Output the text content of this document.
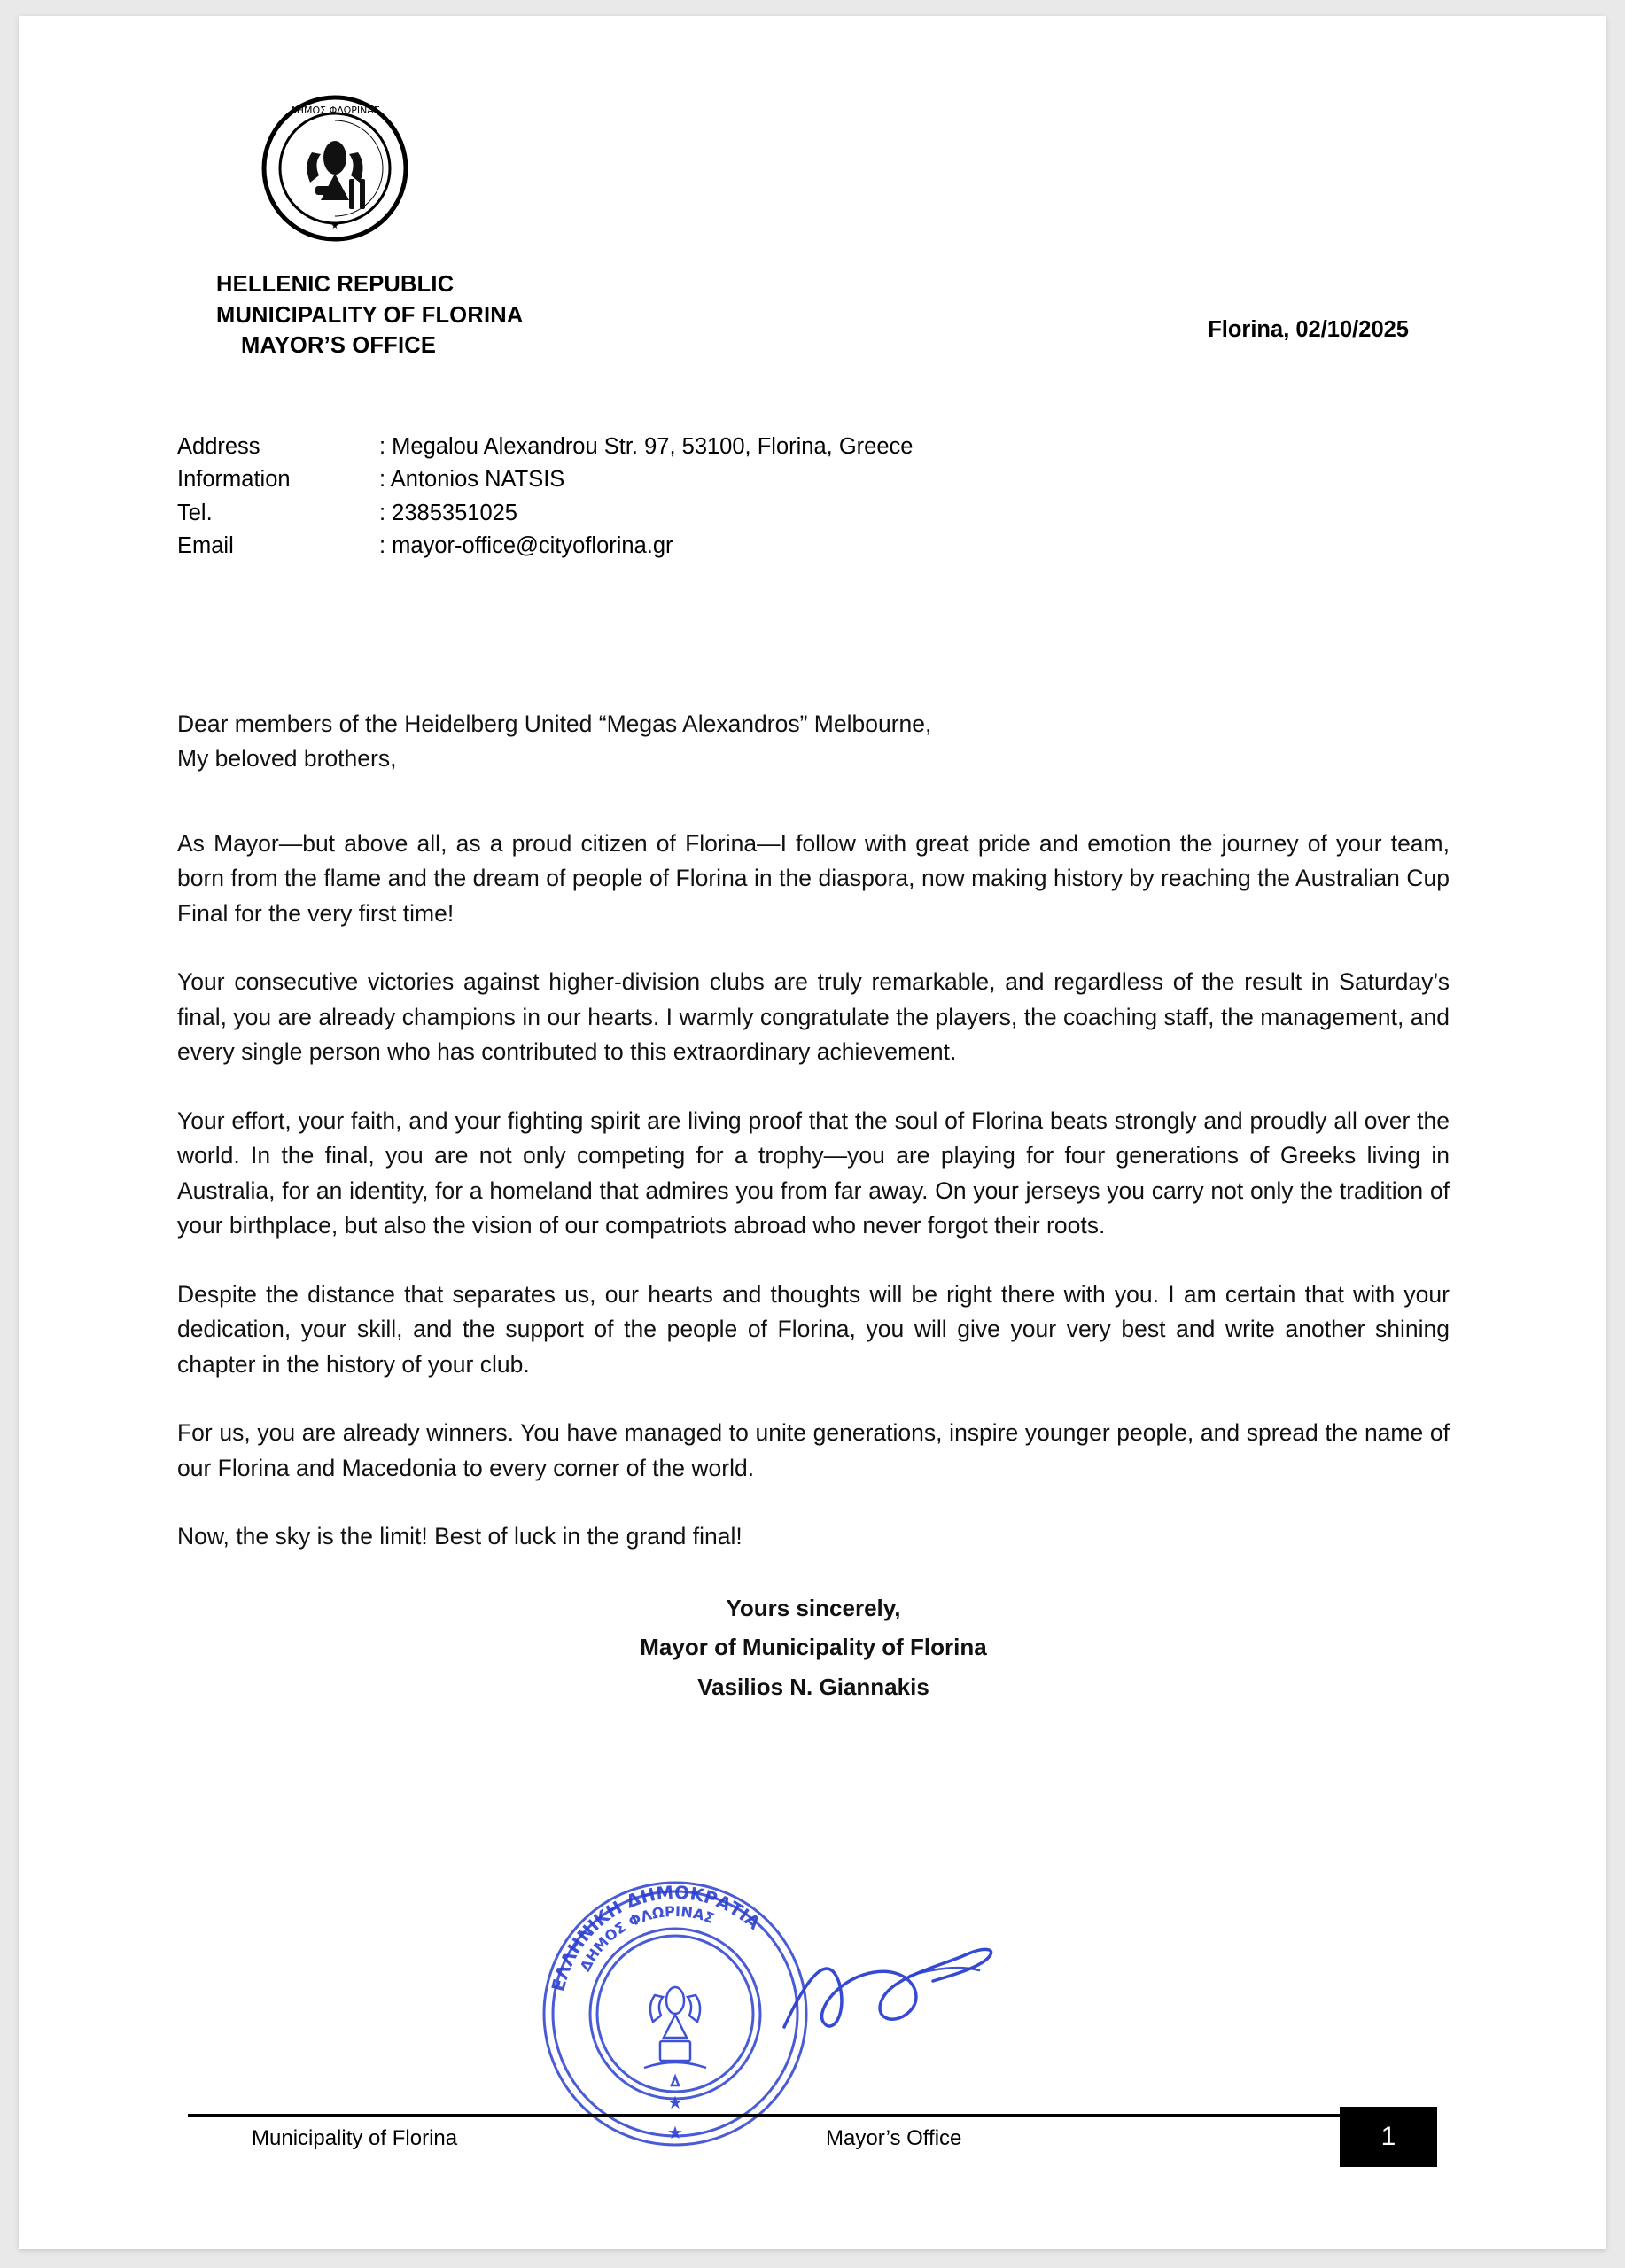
ΔΗΜΟΣ ΦΛΩΡΙΝΑΣ
★
HELLENIC REPUBLIC
MUNICIPALITY OF FLORINA
MAYOR’S OFFICE
Florina, 02/10/2025
Address	: Megalou Alexandrou Str. 97, 53100, Florina, Greece
Information	: Antonios NATSIS
Tel.	: 2385351025
Email	: mayor-office@cityoflorina.gr

Dear members of the Heidelberg United “Megas Alexandros” Melbourne,
My beloved brothers,

As Mayor—but above all, as a proud citizen of Florina—I follow with great pride and emotion the journey of your team, born from the flame and the dream of people of Florina in the diaspora, now making history by reaching the Australian Cup Final for the very first time!

Your consecutive victories against higher-division clubs are truly remarkable, and regardless of the result in Saturday’s final, you are already champions in our hearts. I warmly congratulate the players, the coaching staff, the management, and every single person who has contributed to this extraordinary achievement.

Your effort, your faith, and your fighting spirit are living proof that the soul of Florina beats strongly and proudly all over the world. In the final, you are not only competing for a trophy—you are playing for four generations of Greeks living in Australia, for an identity, for a homeland that admires you from far away. On your jerseys you carry not only the tradition of your birthplace, but also the vision of our compatriots abroad who never forgot their roots.

Despite the distance that separates us, our hearts and thoughts will be right there with you. I am certain that with your dedication, your skill, and the support of the people of Florina, you will give your very best and write another shining chapter in the history of your club.

For us, you are already winners. You have managed to unite generations, inspire younger people, and spread the name of our Florina and Macedonia to every corner of the world.

Now, the sky is the limit! Best of luck in the grand final!

Yours sincerely,
Mayor of Municipality of Florina
Vasilios N. Giannakis
ΕΛΛΗΝΙΚΗ ΔΗΜΟΚΡΑΤΙΑ
ΔΗΜΟΣ ΦΛΩΡΙΝΑΣ
★
★
Municipality of Florina	Mayor’s Office	1
